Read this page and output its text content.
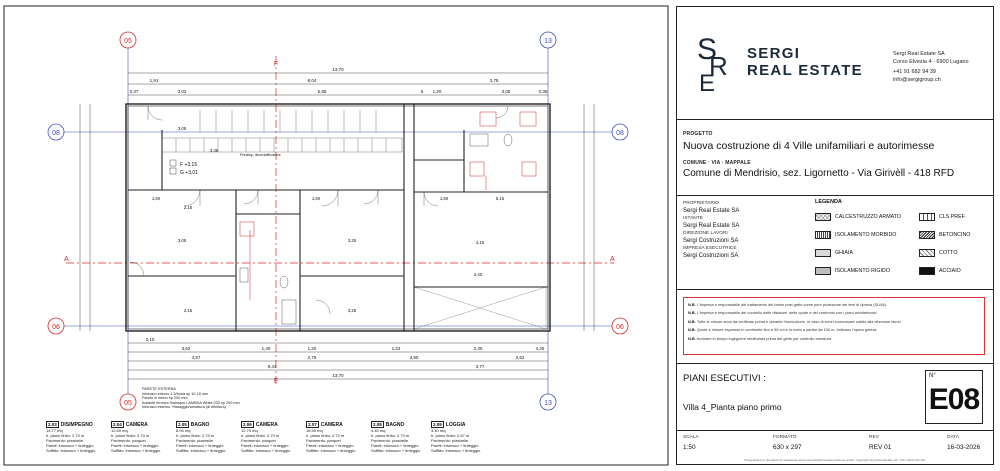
05	13
05	13
08	08
06	06
F
F
A	A
13,70
1,91	8,04	3,75
0,37	3,03	5,85	5 1,20	3,05	0,35
F +3,15
G +3,01
Predisp. deumidificatore
3,36
3,05
2,15
3,05	3,25	4,15
1,60	1,60	1,60
2,40
5,15
3,25
2,15
2,10
3,62	1,40	1,20	1,22	2,30	4,25
4,57	2,75	3,90	2,52
9,44	3,77
13,70
PARETE ESTERNA
Intonaco interno 1.5/tuma sp 10-15 mm
Parete in beton sp 200 mm
Isolante termico Swisspor LAMBDA White 032 sp 200 mm
Intonaco esterno +fissaggio/armatura (di rifinitura)
2.03 DISIMPEGNO
14.77 mq
h. piano finito: 2.70 m
Pavimento: piastrelle
Pareti: intonaco + tinteggio
Soffitto: intonaco + tinteggio
2.04 CAMERA
12.60 mq
h. piano finito: 2.70 m
Pavimento: parquet
Pareti: intonaco + tinteggio
Soffitto: intonaco + tinteggio
2.05 BAGNO
6.94 mq
h. piano finito: 2.70 m
Pavimento: piastrelle
Pareti: intonaco + tinteggio
Soffitto: intonaco + tinteggio
2.06 CAMERA
12.70 mq
h. piano finito: 2.70 m
Pavimento: parquet
Pareti: intonaco + tinteggio
Soffitto: intonaco + tinteggio
2.07 CAMERA
18.55 mq
h. piano finito: 2.70 m
Pavimento: parquet
Pareti: intonaco + tinteggio
Soffitto: intonaco + tinteggio
2.08 BAGNO
4.40 mq
h. piano finito: 2.70 m
Pavimento: piastrelle
Pareti: intonaco + tinteggio
Soffitto: intonaco + tinteggio
2.09 LOGGIA
3.40 mq
h. piano finito: 2.67 m
Pavimento: piastrelle
Pareti: intonaco + tinteggio
Soffitto: intonaco + tinteggio
S
R
E
SERGI
REAL ESTATE
Sergi Real Estate SA
Corso Elvezia 4 · 6900 Lugano
+41 91 682 94 39
info@sergigroup.ch
PROGETTO
Nuova costruzione di 4 Ville unifamiliari e autorimesse
COMUNE · VIA · MAPPALE
Comune di Mendrisio, sez. Ligornetto - Via Girivèll - 418 RFD
PROPRIETARIO
Sergi Real Estate SA
ISTANTE
Sergi Real Estate SA
DIREZIONE LAVORI
Sergi Costruzioni SA
IMPRESA ESECUTRICE
Sergi Costruzioni SA
LEGENDA
CALCESTRUZZO ARMATO	CLS PREF.
ISOLAMENTO MORBIDO	BETONCINO
GHIAIA	COTTO
ISOLAMENTO RIGIDO	ACCIAIO
N.B. L'impresa è responsabile del trattamento dei beton post getto come pure protezione dei ferri di ripresa (SUVA)
N.B. L'impresa è responsabile del controllo delle distanze, delle quote e del confronto con i piani architettonici
N.B. Tutte le misure sono da verificare prima e durante l'esecuzione, in caso di errori comunicare subito alla direzione lavori
N.B. Quote e misure espresse in centimetri fino a 99 cm e in metri a partire da 100 m, indicano l'opera grezza
N.B. Avvisare in tempo ingegnere strutturista prima del getto per controllo armatura
PIANI ESECUTIVI :
Villa 4_Pianta piano primo
N°
E08
SCALA
1:50
FORMATO
630 x 297
REV
REV 01
DATA
16-03-2026
Disegnazione è riproduzione rielaborate senza autorizzazione/approvazione scritta. Copyright Sergi Real Estate SA. Tutti i diritti riservati.
